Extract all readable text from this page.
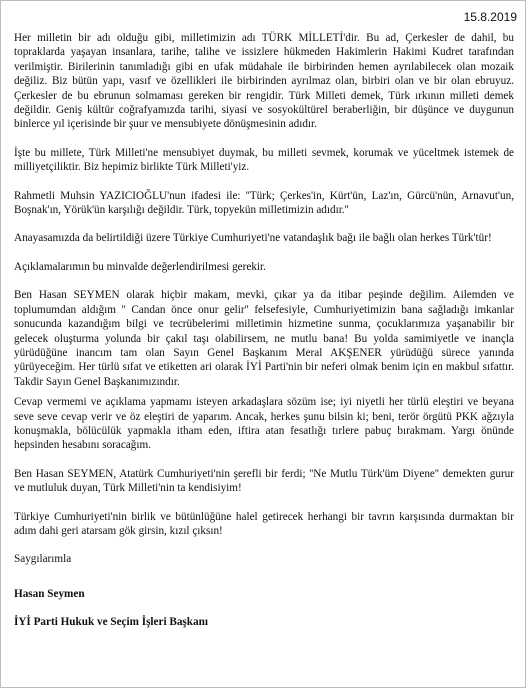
15.8.2019

Her milletin bir adı olduğu gibi, milletimizin adı TÜRK MİLLETİ'dir. Bu ad, Çerkesler de dahil, bu topraklarda yaşayan insanlara, tarihe, talihe ve issizlere hükmeden Hakimlerin Hakimi Kudret tarafından verilmiştir. Birilerinin tanımladığı gibi en ufak müdahale ile birbirinden hemen ayrılabilecek olan mozaik değiliz. Biz bütün yapı, vasıf ve özellikleri ile birbirinden ayrılmaz olan, birbiri olan ve bir olan ebruyuz. Çerkesler de bu ebrunun solmaması gereken bir rengidir. Türk Milleti demek, Türk ırkının milleti demek değildir. Geniş kültür coğrafyamızda tarihi, siyasi ve sosyokültürel beraberliğin, bir düşünce ve duygunun binlerce yıl içerisinde bir şuur ve mensubiyete dönüşmesinin adıdır.

İşte bu millete, Türk Milleti'ne mensubiyet duymak, bu milleti sevmek, korumak ve yüceltmek istemek de milliyetçiliktir. Biz hepimiz birlikte Türk Milleti'yiz.

Rahmetli Muhsin YAZICIOĞLU'nun ifadesi ile: ''Türk; Çerkes'in, Kürt'ün, Laz'ın, Gürcü'nün, Arnavut'un, Boşnak'ın, Yörük'ün karşılığı değildir. Türk, topyekün milletimizin adıdır.''

Anayasamızda da belirtildiği üzere Türkiye Cumhuriyeti'ne vatandaşlık bağı ile bağlı olan herkes Türk'tür!

Açıklamalarımın bu minvalde değerlendirilmesi gerekir.

Ben Hasan SEYMEN olarak hiçbir makam, mevki, çıkar ya da itibar peşinde değilim. Ailemden ve toplumumdan aldığım '' Candan önce onur gelir'' felsefesiyle, Cumhuriyetimizin bana sağladığı imkanlar sonucunda kazandığım bilgi ve tecrübelerimi milletimin hizmetine sunma, çocuklarımıza yaşanabilir bir gelecek oluşturma yolunda bir çakıl taşı olabilirsem, ne mutlu bana! Bu yolda samimiyetle ve inançla yürüdüğüne inancım tam olan Sayın Genel Başkanım Meral AKŞENER yürüdüğü sürece yanında yürüyeceğim. Her türlü sıfat ve etiketten ari olarak İYİ Parti'nin bir neferi olmak benim için en makbul sıfattır. Takdir Sayın Genel Başkanımızındır.

Cevap vermemi ve açıklama yapmamı isteyen arkadaşlara sözüm ise; iyi niyetli her türlü eleştiri ve beyana seve seve cevap verir ve öz eleştiri de yaparım. Ancak, herkes şunu bilsin ki; beni, terör örgütü PKK ağzıyla konuşmakla, bölücülük yapmakla itham eden, iftira atan fesatlığı tırlere pabuç bırakmam. Yargı önünde hepsinden hesabını soracağım.

Ben Hasan SEYMEN, Atatürk Cumhuriyeti'nin şerefli bir ferdi; ''Ne Mutlu Türk'üm Diyene'' demekten gurur ve mutluluk duyan, Türk Milleti'nin ta kendisiyim!

Türkiye Cumhuriyeti'nin birlik ve bütünlüğüne halel getirecek herhangi bir tavrın karşısında durmaktan bir adım dahi geri atarsam gök girsin, kızıl çıksın!

Saygılarımla

Hasan Seymen

İYİ Parti Hukuk ve Seçim İşleri Başkanı
